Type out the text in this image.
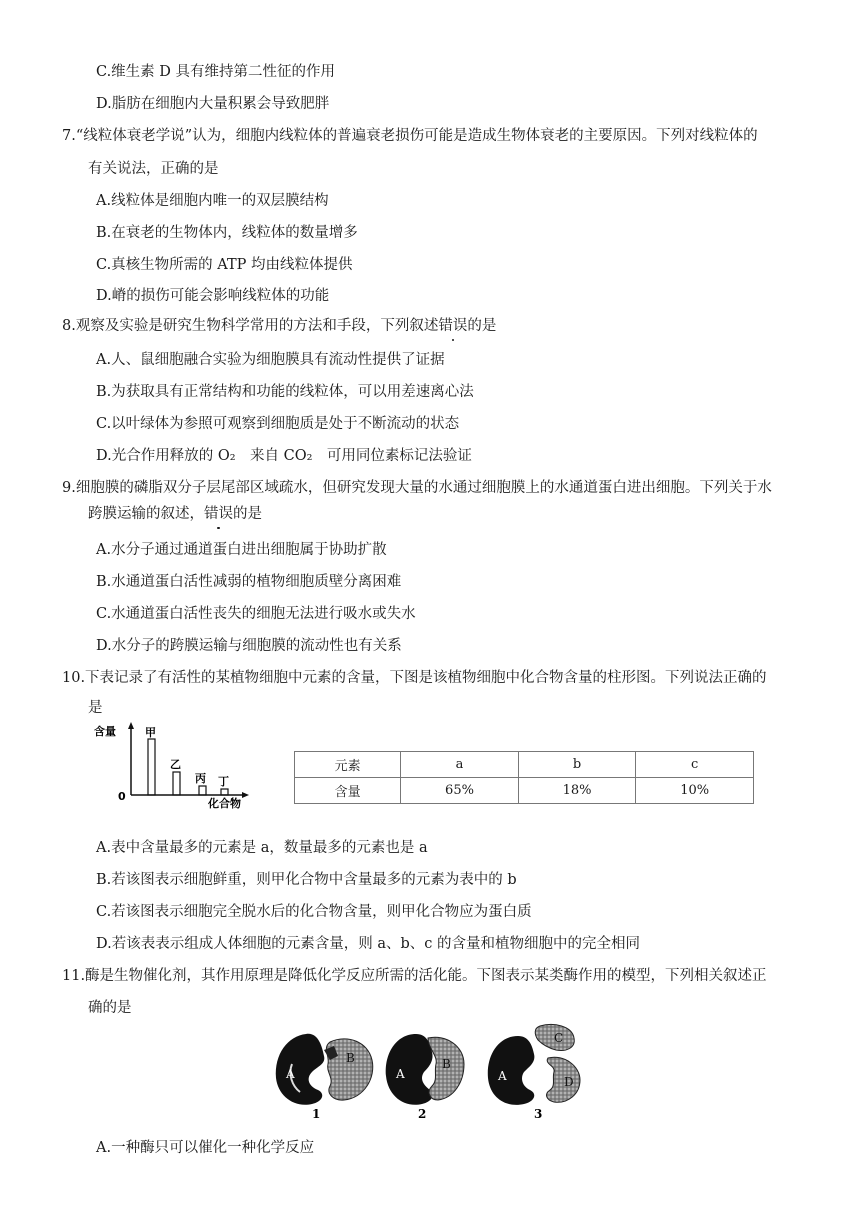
C.维生素 D 具有维持第二性征的作用
D.脂肪在细胞内大量积累会导致肥胖
7.“线粒体衰老学说”认为，细胞内线粒体的普遍衰老损伤可能是造成生物体衰老的主要原因。下列对线粒体的
有关说法，正确的是
A.线粒体是细胞内唯一的双层膜结构
B.在衰老的生物体内，线粒体的数量增多
C.真核生物所需的 ATP 均由线粒体提供
D.嵴的损伤可能会影响线粒体的功能
8.观察及实验是研究生物科学常用的方法和手段，下列叙述错误的是
A.人、鼠细胞融合实验为细胞膜具有流动性提供了证据
B.为获取具有正常结构和功能的线粒体，可以用差速离心法
C.以叶绿体为参照可观察到细胞质是处于不断流动的状态
D.光合作用释放的 O₂　来自 CO₂　可用同位素标记法验证
9.细胞膜的磷脂双分子层尾部区域疏水，但研究发现大量的水通过细胞膜上的水通道蛋白进出细胞。下列关于水
跨膜运输的叙述，错误的是
A.水分子通过通道蛋白进出细胞属于协助扩散
B.水通道蛋白活性减弱的植物细胞质壁分离困难
C.水通道蛋白活性丧失的细胞无法进行吸水或失水
D.水分子的跨膜运输与细胞膜的流动性也有关系
10.下表记录了有活性的某植物细胞中元素的含量，下图是该植物细胞中化合物含量的柱形图。下列说法正确的
是
含量
0
化合物
甲
乙
丙 丁
元素	a	b	c
含量	65%	18%	10%
A.表中含量最多的元素是 a，数量最多的元素也是 a
B.若该图表示细胞鲜重，则甲化合物中含量最多的元素为表中的 b
C.若该图表示细胞完全脱水后的化合物含量，则甲化合物应为蛋白质
D.若该表表示组成人体细胞的元素含量，则 a、b、c 的含量和植物细胞中的完全相同
11.酶是生物催化剂，其作用原理是降低化学反应所需的活化能。下图表示某类酶作用的模型，下列相关叙述正
确的是
A
B
1
A
B
2
A
C
D
3
A.一种酶只可以催化一种化学反应
